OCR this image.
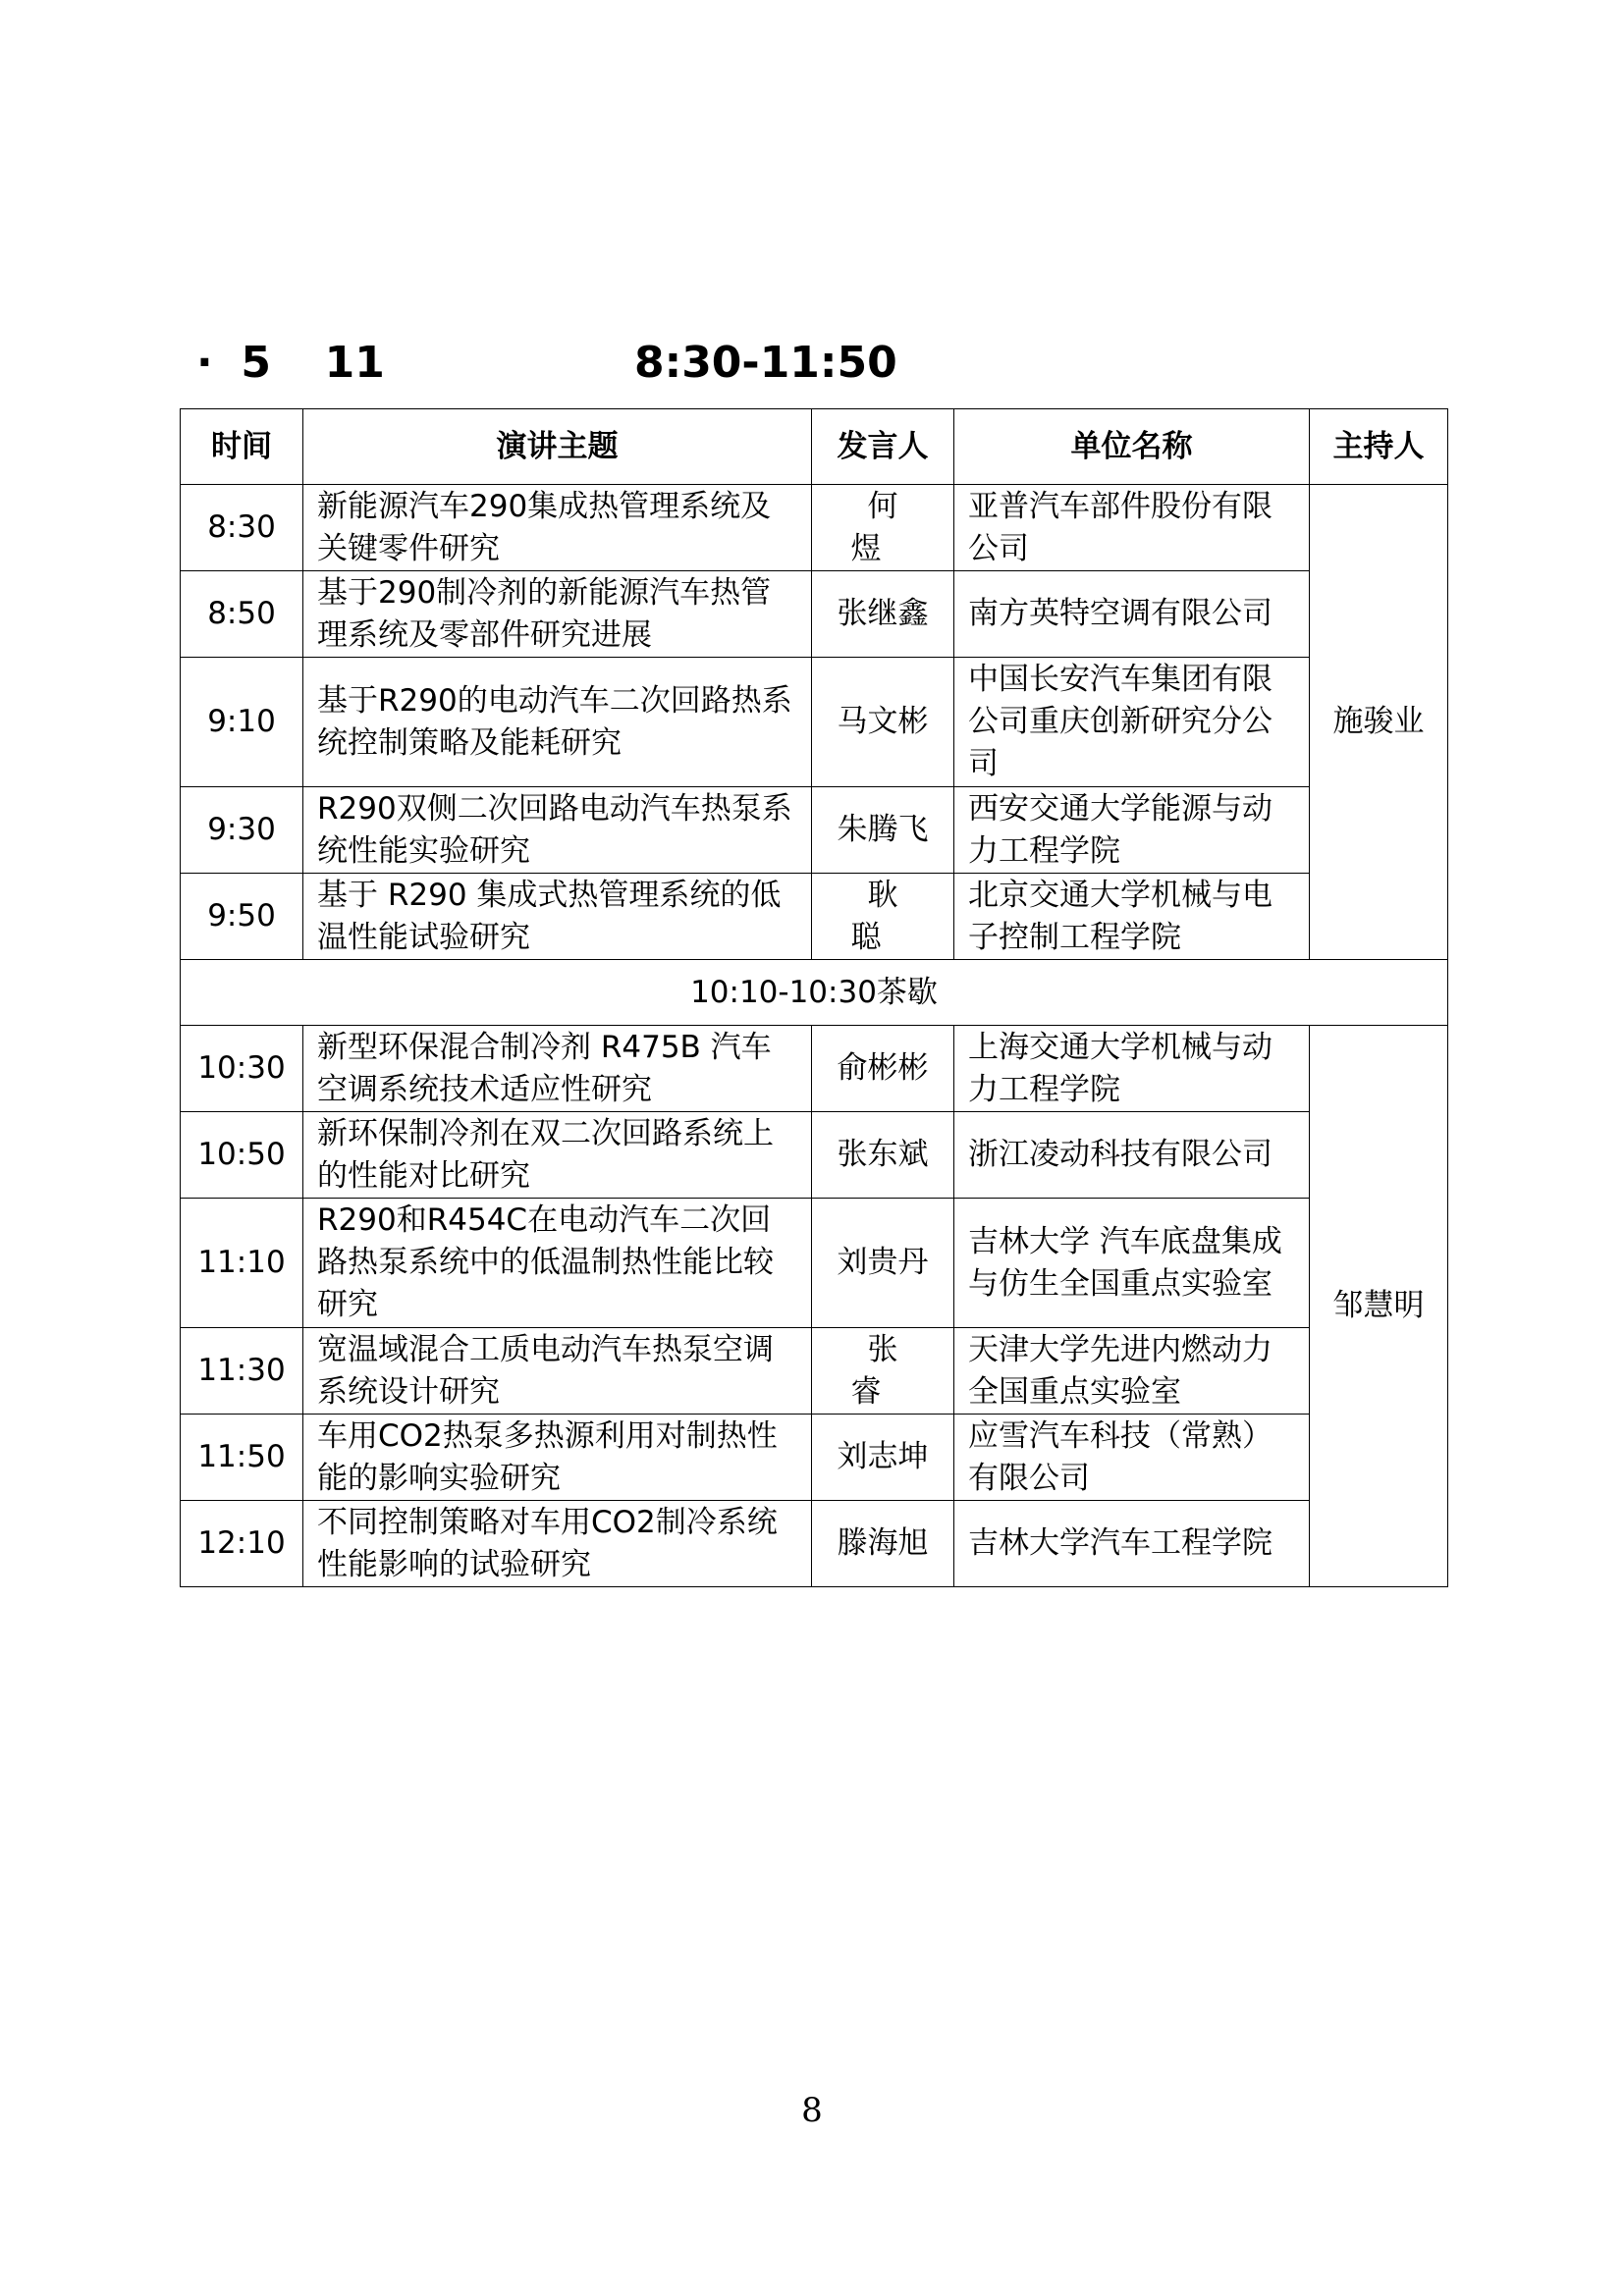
· 5 11	8:30-11:50
时间	演讲主题	发言人	单位名称	主持人
8:30	新能源汽车290集成热管理系统及关键零件研究	何 煜	亚普汽车部件股份有限公司	施骏业
8:50	基于290制冷剂的新能源汽车热管理系统及零部件研究进展	张继鑫	南方英特空调有限公司	
9:10	基于R290的电动汽车二次回路热系统控制策略及能耗研究	马文彬	中国长安汽车集团有限公司重庆创新研究分公司	
9:30	R290双侧二次回路电动汽车热泵系统性能实验研究	朱腾飞	西安交通大学能源与动力工程学院	
9:50	基于 R290 集成式热管理系统的低温性能试验研究	耿 聪	北京交通大学机械与电子控制工程学院	
10:10-10:30茶歇				
10:30	新型环保混合制冷剂 R475B 汽车空调系统技术适应性研究	俞彬彬	上海交通大学机械与动力工程学院	邹慧明
10:50	新环保制冷剂在双二次回路系统上的性能对比研究	张东斌	浙江凌动科技有限公司	
11:10	R290和R454C在电动汽车二次回路热泵系统中的低温制热性能比较研究	刘贵丹	吉林大学 汽车底盘集成与仿生全国重点实验室	
11:30	宽温域混合工质电动汽车热泵空调系统设计研究	张 睿	天津大学先进内燃动力全国重点实验室	
11:50	车用CO2热泵多热源利用对制热性能的影响实验研究	刘志坤	应雪汽车科技（常熟）有限公司	
12:10	不同控制策略对车用CO2制冷系统性能影响的试验研究	滕海旭	吉林大学汽车工程学院	
8
